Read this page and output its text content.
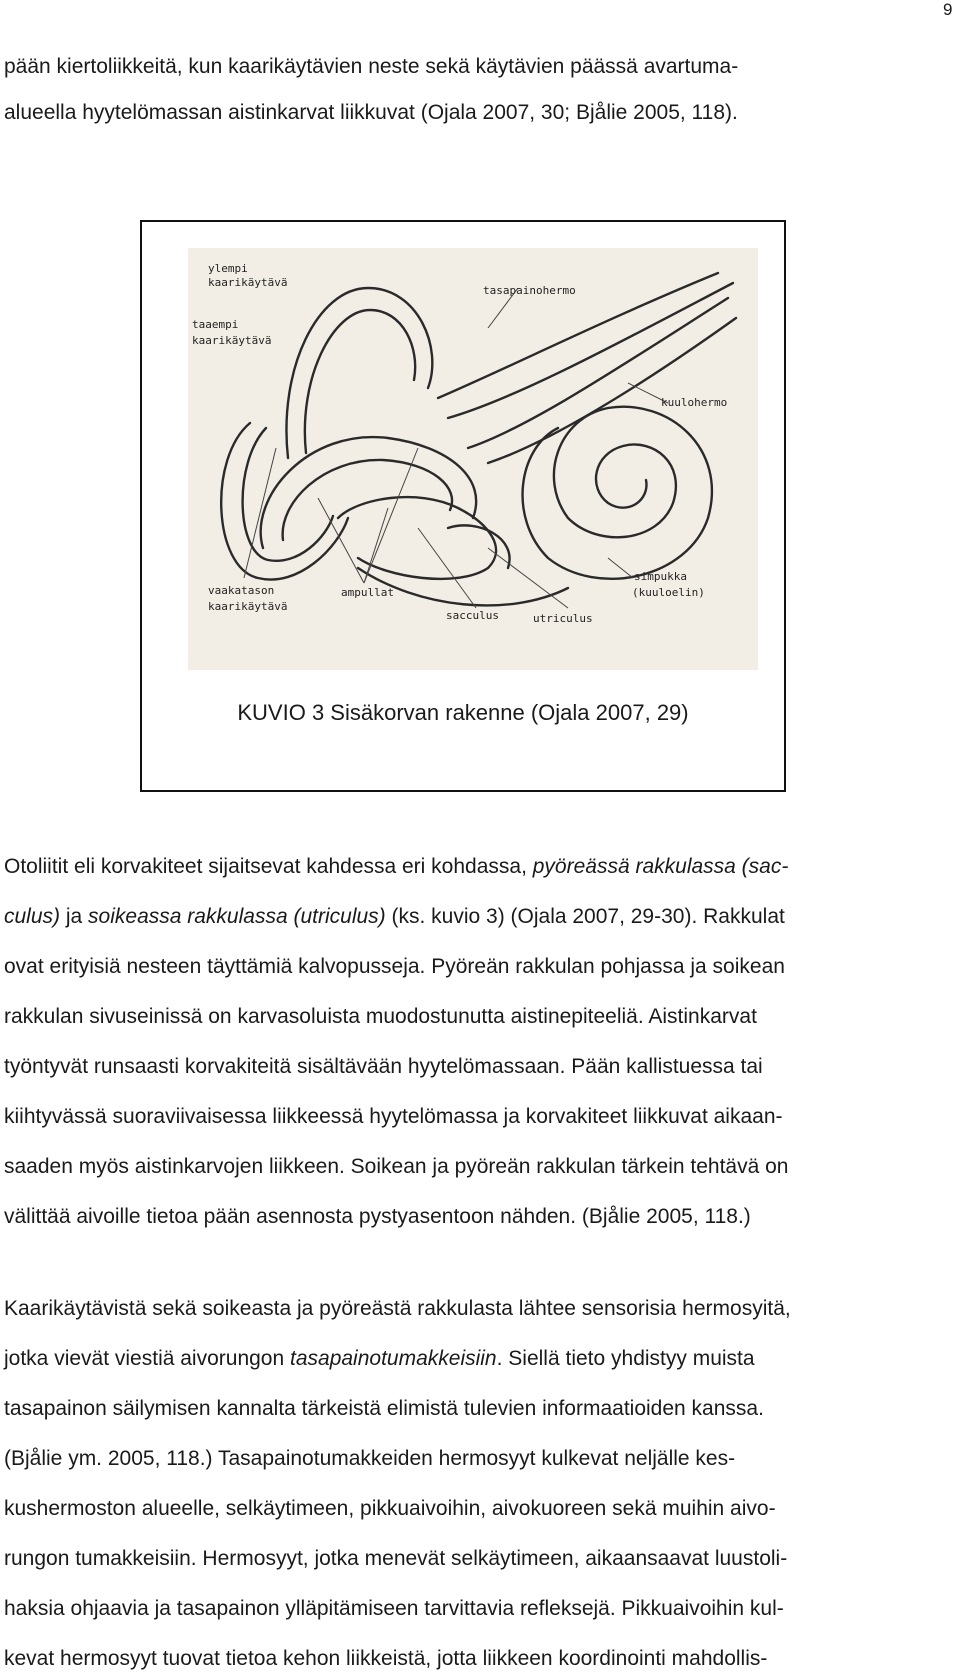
9
pään kiertoliikkeitä, kun kaarikäytävien neste sekä käytävien päässä avartuma-
alueella hyytelömassan aistinkarvat liikkuvat (Ojala 2007, 30; Bjålie 2005, 118).
ylempi
kaarikäytävä
tasapainohermo
taaempi
kaarikäytävä
kuulohermo
simpukka
(kuuloelin)
vaakatason
kaarikäytävä
ampullat
sacculus	utriculus
KUVIO 3 Sisäkorvan rakenne (Ojala 2007, 29)
Otoliitit eli korvakiteet sijaitsevat kahdessa eri kohdassa, pyöreässä rakkulassa (sac-
culus) ja soikeassa rakkulassa (utriculus) (ks. kuvio 3) (Ojala 2007, 29-30). Rakkulat
ovat erityisiä nesteen täyttämiä kalvopusseja. Pyöreän rakkulan pohjassa ja soikean
rakkulan sivuseinissä on karvasoluista muodostunutta aistinepiteeliä. Aistinkarvat
työntyvät runsaasti korvakiteitä sisältävään hyytelömassaan. Pään kallistuessa tai
kiihtyvässä suoraviivaisessa liikkeessä hyytelömassa ja korvakiteet liikkuvat aikaan-
saaden myös aistinkarvojen liikkeen. Soikean ja pyöreän rakkulan tärkein tehtävä on
välittää aivoille tietoa pään asennosta pystyasentoon nähden. (Bjålie 2005, 118.)
Kaarikäytävistä sekä soikeasta ja pyöreästä rakkulasta lähtee sensorisia hermosyitä,
jotka vievät viestiä aivorungon tasapainotumakkeisiin. Siellä tieto yhdistyy muista
tasapainon säilymisen kannalta tärkeistä elimistä tulevien informaatioiden kanssa.
(Bjålie ym. 2005, 118.) Tasapainotumakkeiden hermosyyt kulkevat neljälle kes-
kushermoston alueelle, selkäytimeen, pikkuaivoihin, aivokuoreen sekä muihin aivo-
rungon tumakkeisiin. Hermosyyt, jotka menevät selkäytimeen, aikaansaavat luustoli-
haksia ohjaavia ja tasapainon ylläpitämiseen tarvittavia refleksejä. Pikkuaivoihin kul-
kevat hermosyyt tuovat tietoa kehon liikkeistä, jotta liikkeen koordinointi mahdollis-
